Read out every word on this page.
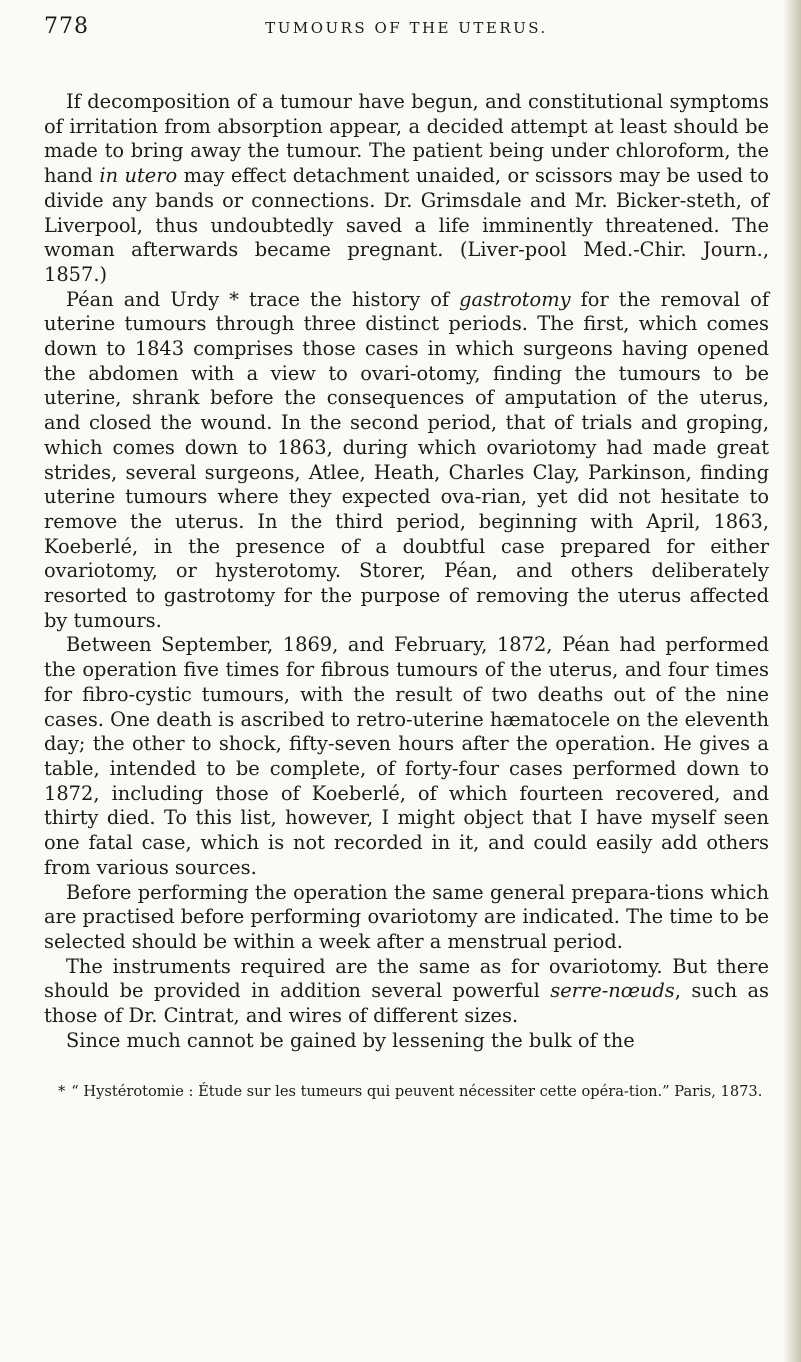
778	TUMOURS OF THE UTERUS.

If decomposition of a tumour have begun, and constitutional symptoms of irritation from absorption appear, a decided attempt at least should be made to bring away the tumour. The patient being under chloroform, the hand in utero may effect detachment unaided, or scissors may be used to divide any bands or connections. Dr. Grimsdale and Mr. Bicker-steth, of Liverpool, thus undoubtedly saved a life imminently threatened. The woman afterwards became pregnant. (Liver-pool Med.-Chir. Journ., 1857.)

Péan and Urdy * trace the history of gastrotomy for the removal of uterine tumours through three distinct periods. The first, which comes down to 1843 comprises those cases in which surgeons having opened the abdomen with a view to ovari-otomy, finding the tumours to be uterine, shrank before the consequences of amputation of the uterus, and closed the wound. In the second period, that of trials and groping, which comes down to 1863, during which ovariotomy had made great strides, several surgeons, Atlee, Heath, Charles Clay, Parkinson, finding uterine tumours where they expected ova-rian, yet did not hesitate to remove the uterus. In the third period, beginning with April, 1863, Koeberlé, in the presence of a doubtful case prepared for either ovariotomy, or hysterotomy. Storer, Péan, and others deliberately resorted to gastrotomy for the purpose of removing the uterus affected by tumours.

Between September, 1869, and February, 1872, Péan had performed the operation five times for fibrous tumours of the uterus, and four times for fibro-cystic tumours, with the result of two deaths out of the nine cases. One death is ascribed to retro-uterine hæmatocele on the eleventh day; the other to shock, fifty-seven hours after the operation. He gives a table, intended to be complete, of forty-four cases performed down to 1872, including those of Koeberlé, of which fourteen recovered, and thirty died. To this list, however, I might object that I have myself seen one fatal case, which is not recorded in it, and could easily add others from various sources.

Before performing the operation the same general prepara-tions which are practised before performing ovariotomy are indicated. The time to be selected should be within a week after a menstrual period.

The instruments required are the same as for ovariotomy. But there should be provided in addition several powerful serre-nœuds, such as those of Dr. Cintrat, and wires of different sizes.

Since much cannot be gained by lessening the bulk of the

* “ Hystérotomie : Étude sur les tumeurs qui peuvent nécessiter cette opéra-tion.” Paris, 1873.
